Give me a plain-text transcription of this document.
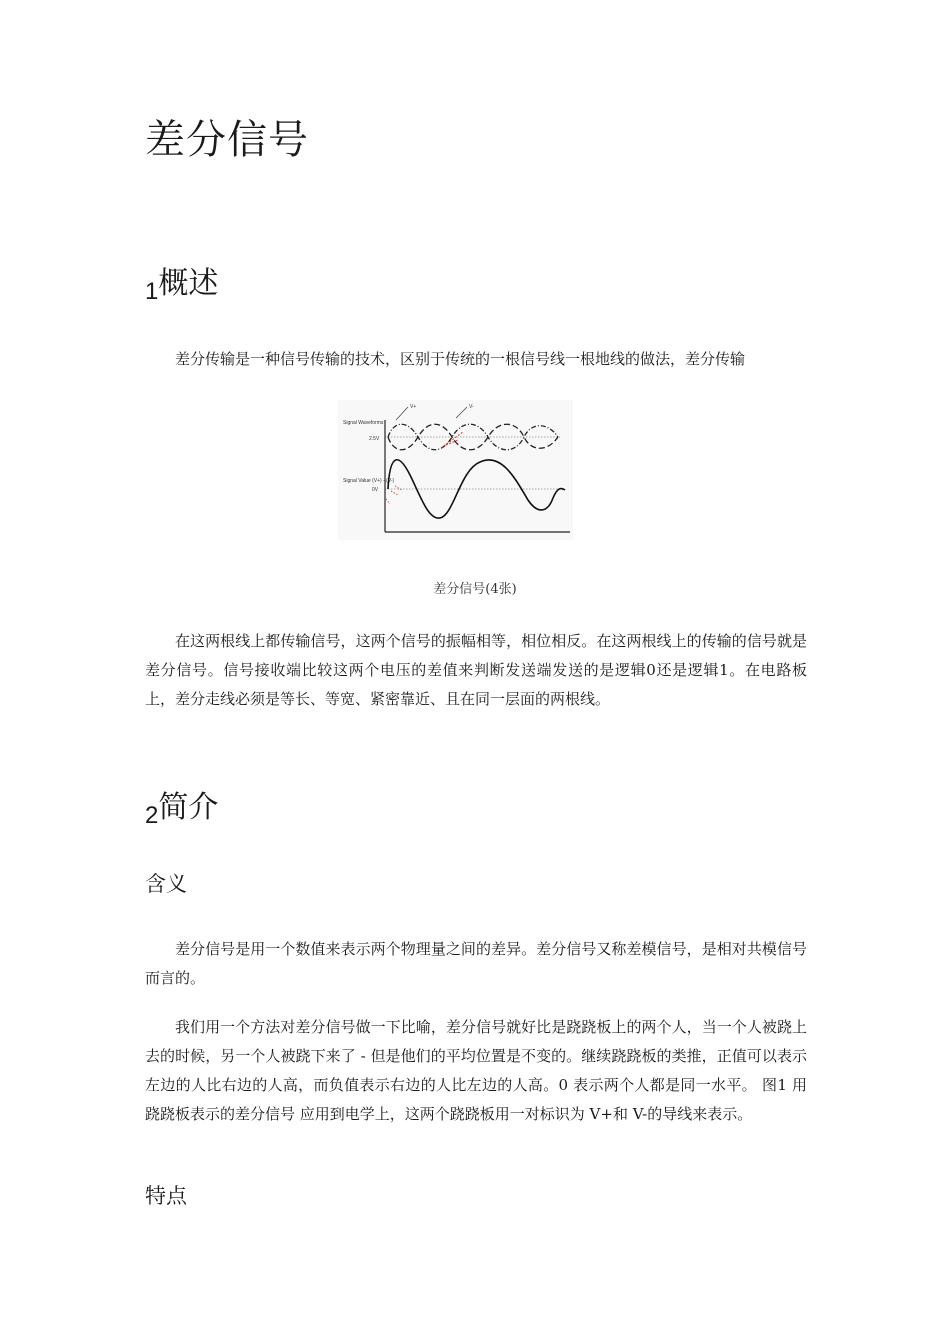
差分信号
$_1$概述

差分传输是一种信号传输的技术，区别于传统的一根信号线一根地线的做法，差分传输

Signal Waveforms
2.5V
Signal Value (V+) - (V-)
0V
V+	V-
差分信号(4张)

在这两根线上都传输信号，这两个信号的振幅相等，相位相反。在这两根线上的传输的信号就是差分信号。信号接收端比较这两个电压的差值来判断发送端发送的是逻辑0还是逻辑1。在电路板上，差分走线必须是等长、等宽、紧密靠近、且在同一层面的两根线。

$_2$简介
含义

差分信号是用一个数值来表示两个物理量之间的差异。差分信号又称差模信号，是相对共模信号而言的。

我们用一个方法对差分信号做一下比喻，差分信号就好比是跷跷板上的两个人，当一个人被跷上去的时候，另一个人被跷下来了 - 但是他们的平均位置是不变的。继续跷跷板的类推，正值可以表示左边的人比右边的人高，而负值表示右边的人比左边的人高。0 表示两个人都是同一水平。 图1 用跷跷板表示的差分信号 应用到电学上，这两个跷跷板用一对标识为 V+和 V-的导线来表示。

特点
